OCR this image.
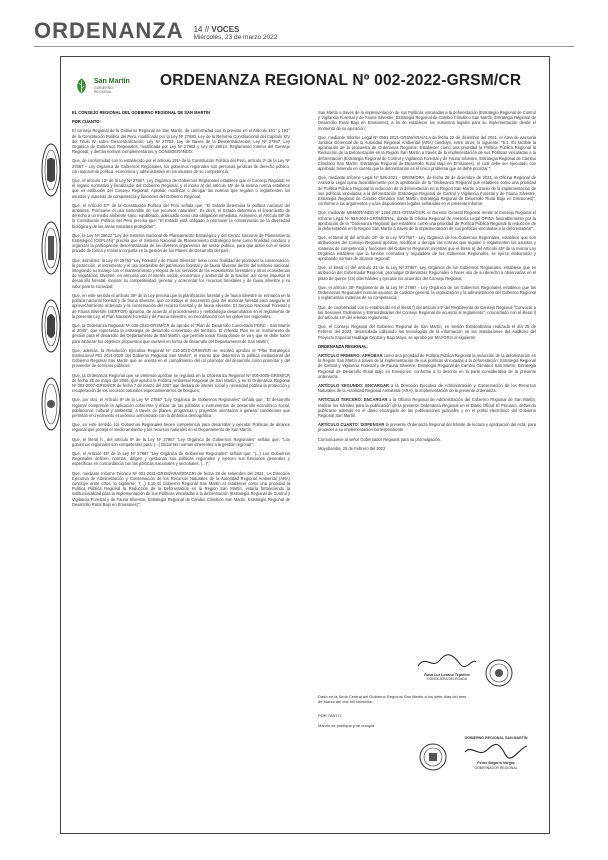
ORDENANZA 14 // VOCES
Miércoles, 23 de marzo 2022
San Martín
GOBIERNO REGIONAL
ORDENANZA REGIONAL Nº 002-2022-GRSM/CR

EL CONSEJO REGIONAL DEL GOBIERNO REGIONAL DE SAN MARTÍN

POR CUANTO:

El consejo Regional de la Gobierno Regional de San Martín, de conformidad con lo previsto en el Artículo 191° y 192° de la Constitución Política del Perú, modificado por la Ley Nº 27680, Ley de la Reforma Constitucional del Capítulo XIV del Título IV, sobre Descentralización; Ley Nº 27783, Ley de Bases de la Descentralización; Ley Nº 27867, Ley Orgánica de Gobiernos Regionales, modificada por Ley Nº 27902 y Ley Nº 28013, Reglamento Interno del Consejo Regional, y demás normas complementarias, y CONSIDERANDO:

Que, de conformidad con lo establecido por el artículo 191º de la Constitución Política del Perú, artículo 2º de la Ley Nº 27867 – Ley Orgánica de Gobiernos Regionales, los gobiernos regionales son personas jurídicas de derecho público, con autonomía política, económica y administrativa en los asuntos de su competencia;

Que, el artículo 13º de la Ley Nº 27867, Ley Orgánica de Gobiernos Regionales establece que el Consejo Regional es el órgano normativo y fiscalizador del Gobierno Regional, y el inciso a) del artículo 15º de la misma norma establece que es atribución del Consejo Regional: Aprobar, modificar o derogar las normas que regulen o reglamenten los asuntos y materias de competencia y funciones del Gobierno Regional;

Que, el Artículo 67º de la Constitución Política del Perú señala que: "El Estado determina la política nacional del ambiente. Promueve el uso sostenible de sus recursos naturales". Es decir, el Estado determina el lineamiento de derecho a un medio ambiente sano, equilibrado, adecuado como una obligación inmediata. Asimismo, el Artículo 68º de la Constitución Política del Perú precisa que: "El Estado está obligado a promover la conservación de la diversidad biológica y de las áreas naturales protegidas";

Que, la Ley Nº 28622 "Ley del Sistema Nacional de Planeamiento Estratégico y del Centro Nacional de Planeamiento Estratégico (CEPLAN)" precisa que el Sistema Nacional de Planeamiento Estratégico tiene como finalidad conducir y organizar la participación descentralizada de los diversos organismos del sector público, para que actúe con el sector privado de forma y manera conjunta en la gestión de los Planes de Desarrollo del país;

Que, asimismo, la Ley Nº 29763 "Ley Forestal y de Fauna Silvestre" tiene como finalidad de promover la conservación, la protección, el incremento y el uso sostenible del patrimonio forestal y de fauna silvestre dentro del territorio nacional, integrando su manejo con el mantenimiento y mejora de los servicios de los ecosistemas forestales y otros ecosistemas de vegetación silvestre, en armonía con el interés social, económico y ambiental de la Nación; así como impulsar el desarrollo forestal, mejorar su competitividad, generar y acrecentar los recursos forestales y de fauna silvestre y su valor para la sociedad;

Que, en este sentido el artículo 39º de la Ley precisa que la planificación forestal y de fauna silvestre se enmarca en la política nacional forestal y de fauna silvestre; que constituye el documento guía del accionar forestal para asegurar el aprovechamiento ordenado y la conservación del recurso forestal y de fauna silvestre. El Servicio Nacional Forestal y de Fauna Silvestre (SERFOR) aprueba, de acuerdo al procedimiento y metodología desarrollados en el reglamento de la presente Ley, el Plan Nacional Forestal y de Fauna Silvestre, en coordinación con los gobiernos regionales;

Que, la Ordenanza Regional Nº 035-2019-GRSM/CR de aprobó el "Plan de Desarrollo Concertado PDRC - San Martín al 2030", que representa la estrategia de desarrollo concertado del territorio. El referido Plan es un instrumento de gestión para el desarrollo del Departamento de San Martín, que permite tomar hasta dónde se va y que se debe hacer para alcanzar los objetivos propuestos que vuelven en forma de desarrollo del Departamento de San Martín;

Que, además, la Resolución Ejecutiva Regional Nº 216-2020-GRSM/GR se resolvió aprobar el "Plan Estratégico Institucional PEI 2021-2025 del Gobierno Regional San Martín", el mismo que determina la política institucional del Gobierno Regional San Martín que se orienta en el cumplimiento del rol promotor del desarrollo como promotor y del proveedor de servicios públicos;

Que, la Ordenanza Regional que se pretende aprobar se regulará en la Ordenanza Regional Nº 005-2005-GRSM/CR de fecha 25 de mayo del 2005, que aprobó la Política Ambiental Regional de San Martín, y en la Ordenanza Regional Nº 002-2007-GRSM/CR de fecha 7 de marzo del 2007 que declara de interés social y necesidad pública la protección y recuperación de los recursos naturales especialmente los de bosques;

Que, por otro, el Artículo 8º de la Ley Nº 27867 "Ley Orgánica de Gobiernos Regionales" señala que: "El desarrollo regional comprende la aplicación coherente y eficaz de las políticas e instrumentos de desarrollo económico social, poblacional, cultural y ambiental, a través de planes, programas y proyectos orientados a generar condiciones que permitan el crecimiento económico armonizado con la dinámica demográfica;

Que, en este sentido, los Gobiernos Regionales tienen competencia para desarrollar y ejecutar Políticas de alcance regional que proteja el medio ambiente y los recursos naturales en el Departamento de San Martín;

Que, el literal h., del artículo 9º de la Ley Nº 27867 "Ley Orgánica de Gobiernos Regionales" señala que: "Los gobiernos regionales son competentes para: (...) Dictar las normas inherentes a la gestión regional";

Que, el Artículo 45º de la Ley Nº 27867 "Ley Orgánica de Gobiernos Regionales" señala que: "(...) Los Gobiernos Regionales definen, norman, dirigen y gestionan sus políticas regionales y ejercen sus funciones generales y específicas en concordancia con las políticas nacionales y sectoriales. (...)";

Que, mediante Informe Técnico Nº 001-2021-GRSM/ARA/DEACRI de fecha 28 de setiembre del 2021, LA Dirección Ejecutiva de Administración y Conservación de los Recursos Naturales de la Autoridad Regional Ambiental (ARA) concluye entre otros, lo siguiente: "(...) 5.10 El Gobierno Regional San Martín al establecer como una prioridad la Política Pública Regional la Reducción de la Deforestación en la Región San Martín, estaría fortaleciendo la institucionalidad para la implementación de sus Políticas vinculadas a la deforestación (Estrategia Regional de Control y Vigilancia Forestal y de Fauna Silvestre, Estrategia Regional de Cambio Climático San Martín, Estrategia Regional de Desarrollo Rural Bajo en Emisiones)";

San Martín a través de la implementación de sus Políticas vinculadas a la deforestación (Estrategia Regional de Control y Vigilancia Forestal y de Fauna Silvestre, Estrategia Regional de Cambio Climático San Martín, Estrategia Regional de Desarrollo Rural Bajo en Emisiones), a fin de establecer los sustentos legales para su implementación desde el momento de su ejecución;

Que, mediante Informe Legal Nº 0551-2021-GRSM/ARA/ALA de fecha 22 de diciembre del 2021, el Área de Asesoría Jurídica Gerencial de la Autoridad Regional Ambiental (ARA) concluye, entre otros, lo siguiente: "5.1. Es factible la aprobación de la propuesta de Ordenanza Regional: Establecer como una prioridad la Política Pública Regional la Reducción de la Deforestación en la Región San Martín a través de la implementación de sus Políticas vinculadas a la deforestación (Estrategia Regional de Control y Vigilancia Forestal y de Fauna Silvestre, Estrategia Regional de Cambio Climático San Martín, Estrategia Regional de Desarrollo Rural Bajo en Emisiones), el cual debe ser ejecutado con aprobado teniendo en cuenta que la deforestación es el único problema que se debe priorizar.";

Que, mediante Informe Legal Nº 926-2021 - GRSM/ORA, de fecha 28 de diciembre de 2021, la Oficina Regional de Asesoría Legal opina favorablemente por la aprobación de la "Ordenanza Regional que establece como una prioridad de Política Pública Regional la reducción de la deforestación en la Región San Martín a través de la implementación de sus políticas vinculadas a la deforestación (Estrategia Regional de Control y Vigilancia Forestal y de Fauna Silvestre, Estrategia Regional de Cambio Climático San Martín, Estrategia Regional de Desarrollo Rural Bajo en Emisiones)", conforme a los argumentos y a las disposiciones legales señaladas en el presente informe;

Que, mediante MEMORANDO Nº 1264-2021-GRSM/GGR, el Gerente General Regional remite al Consejo Regional el Informe Legal Nº 926-2021-GRSM/ORAL, donde la Oficina Regional de Asesoría Legal OPINA favorablemente por la aprobación de la "Ordenanza Regional que establece como una prioridad de Política Pública Regional la reducción de la deforestación en la Región San Martín a través de la implementación de sus políticas vinculadas a la deforestación";

Que, el literal a) del artículo 15º de la Ley Nº27867 - Ley Orgánica de los Gobiernos Regionales, establece que son atribuciones del Consejo Regional aprobar, modificar o derogar las normas que regulen o reglamenten los asuntos y materias de competencia y funciones del Gobierno Regional; mientras que el literal a) del Artículo 45º de la misma Ley Orgánica establece que la función normativa y reguladora de los Gobiernos Regionales, se ejerce elaborando y aprobando normas de alcance regional;

Que, el literal o) del artículo 21 de la Ley Nº 27867, Ley Orgánica de los Gobiernos Regionales, establece que es atribución del Gobernador Regional, promulgar Ordenanzas Regionales o hacer uso de su derecho a observarlas en el plazo de quince (15) días hábiles y ejecutar los acuerdos del Consejo Regional;

Que, el artículo 38º Reglamento de la Ley Nº 27867 - Ley Orgánica de los Gobiernos Regionales establece que las Ordenanzas Regionales norman asuntos de carácter general, la organización y la administración del Gobierno Regional y reglamentan materias de su competencia;

Que, de conformidad con lo establecido en el literal f) del artículo 24º del Reglamento de Consejo Regional "Convocar a las Sesiones Ordinarias y Extraordinarias del Consejo Regional de acuerdo al reglamento", concordado con el literal l) del artículo 14º del referido reglamento;

Que, el Consejo Regional del Gobierno Regional de San Martín, en Sesión Extraordinaria realizada el día 25 de Febrero del 2022, desarrollada utilizando las tecnologías de la información en las instalaciones del Auditorio del Proyecto Especial Huallaga Central y Bajo Mayo, se aprobó por MAYORÍA el siguiente:

ORDENANZA REGIONAL:

ARTÍCULO PRIMERO: APROBAR como una prioridad de Política Pública Regional la reducción de la deforestación en la Región San Martín a través de la implementación de sus políticas vinculadas a la deforestación: Estrategia Regional de Control y Vigilancia Forestal y de Fauna Silvestre; Estrategia Regional de Cambio Climático San Martín; Estrategia Regional de Desarrollo Rural Bajo en Emisiones, conforme a lo descrito en la parte considerativa de la presente ordenanza.

ARTÍCULO SEGUNDO: ENCARGAR a la Dirección Ejecutiva de Administración y Conservación de los Recursos Naturales de la Autoridad Regional Ambiental (ARA), la implementación de la presente ordenanza.

ARTÍCULO TERCERO: ENCARGAR a la Oficina Regional de Administración del Gobierno Regional de San Martín, realizar los trámites para la publicación de la presente Ordenanza Regional en el Diario Oficial El Peruano, debiendo publicarse además en el diario encargado de las publicaciones judiciales y en el portal electrónico del Gobierno Regional San Martín.

ARTÍCULO CUARTO: DISPENSAR la presente Ordenanza Regional del trámite de lectura y aprobación del Acta, para proceder a su implementación correspondiente.

Comuníquese al señor Gobernador Regional para su promulgación.

Moyobamba, 25 de Febrero del 2022

Rosa Luz Lozano Teparino
CONSEJERA DELEGADA
Dado en la Sede Central del Gobierno Regional San Martín a los siete días del mes de Marzo del dos mil veintidós.
POR TANTO:
Mando se publique y se cumpla
GOBIERNO REGIONAL SAN MARTÍN
Pedro Bogarín Vargas
GOBERNADOR REGIONAL
